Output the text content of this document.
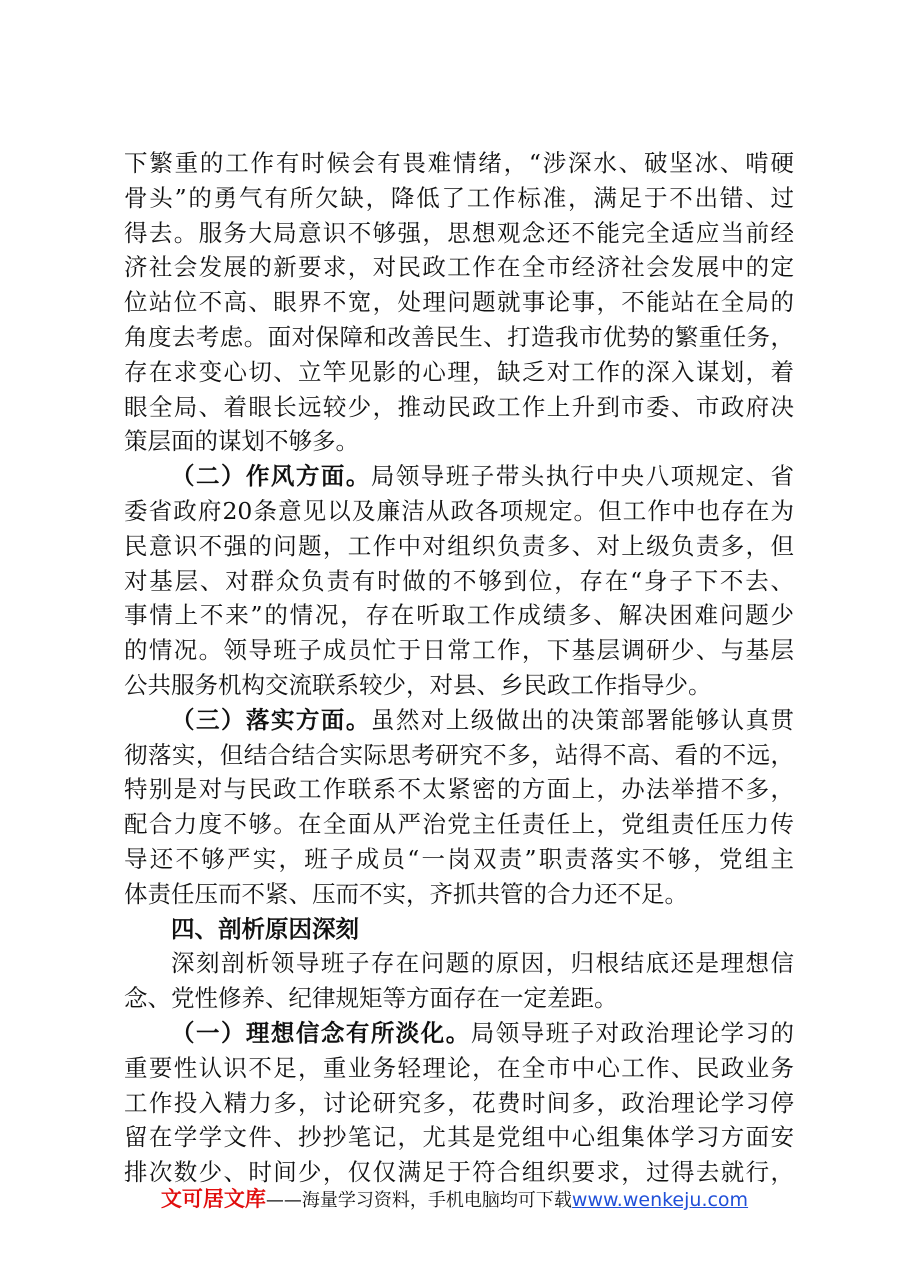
下繁重的工作有时候会有畏难情绪，“涉深水、破坚冰、啃硬
骨头”的勇气有所欠缺，降低了工作标准，满足于不出错、过
得去。服务大局意识不够强，思想观念还不能完全适应当前经
济社会发展的新要求，对民政工作在全市经济社会发展中的定
位站位不高、眼界不宽，处理问题就事论事，不能站在全局的
角度去考虑。面对保障和改善民生、打造我市优势的繁重任务，
存在求变心切、立竿见影的心理，缺乏对工作的深入谋划，着
眼全局、着眼长远较少，推动民政工作上升到市委、市政府决
策层面的谋划不够多。
（二）作风方面。局领导班子带头执行中央八项规定、省
委省政府20条意见以及廉洁从政各项规定。但工作中也存在为
民意识不强的问题，工作中对组织负责多、对上级负责多，但
对基层、对群众负责有时做的不够到位，存在“身子下不去、
事情上不来”的情况，存在听取工作成绩多、解决困难问题少
的情况。领导班子成员忙于日常工作，下基层调研少、与基层
公共服务机构交流联系较少，对县、乡民政工作指导少。
（三）落实方面。虽然对上级做出的决策部署能够认真贯
彻落实，但结合结合实际思考研究不多，站得不高、看的不远，
特别是对与民政工作联系不太紧密的方面上，办法举措不多，
配合力度不够。在全面从严治党主任责任上，党组责任压力传
导还不够严实，班子成员“一岗双责”职责落实不够，党组主
体责任压而不紧、压而不实，齐抓共管的合力还不足。
四、剖析原因深刻
深刻剖析领导班子存在问题的原因，归根结底还是理想信
念、党性修养、纪律规矩等方面存在一定差距。
（一）理想信念有所淡化。局领导班子对政治理论学习的
重要性认识不足，重业务轻理论，在全市中心工作、民政业务
工作投入精力多，讨论研究多，花费时间多，政治理论学习停
留在学学文件、抄抄笔记，尤其是党组中心组集体学习方面安
排次数少、时间少，仅仅满足于符合组织要求，过得去就行，
文可居文库——海量学习资料，手机电脑均可下载www.wenkeju.com
